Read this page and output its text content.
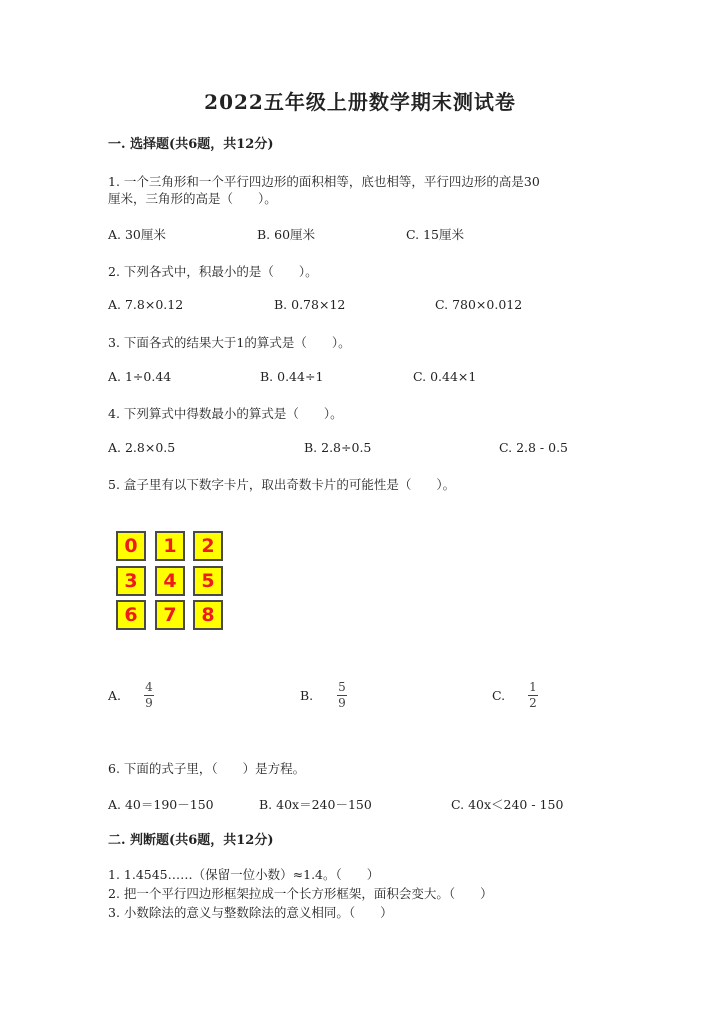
2022五年级上册数学期末测试卷
一. 选择题(共6题，共12分)
1. 一个三角形和一个平行四边形的面积相等，底也相等，平行四边形的高是30
厘米，三角形的高是（　　）。
A. 30厘米	B. 60厘米	C. 15厘米
2. 下列各式中，积最小的是（　　）。
A. 7.8×0.12	B. 0.78×12	C. 780×0.012
3. 下面各式的结果大于1的算式是（　　）。
A. 1÷0.44	B. 0.44÷1	C. 0.44×1
4. 下列算式中得数最小的算式是（　　）。
A. 2.8×0.5	B. 2.8÷0.5	C. 2.8 - 0.5
5. 盒子里有以下数字卡片，取出奇数卡片的可能性是（　　）。
0	1	2
3	4	5
6	7	8
A.
4
9	B.
5
9	C.
1
2
6. 下面的式子里，（　　）是方程。
A. 40＝190－150	B. 40x＝240－150	C. 40x＜240 - 150
二. 判断题(共6题，共12分)
1. 1.4545……（保留一位小数）≈1.4。（　　）
2. 把一个平行四边形框架拉成一个长方形框架，面积会变大。（　　）
3. 小数除法的意义与整数除法的意义相同。（　　）
